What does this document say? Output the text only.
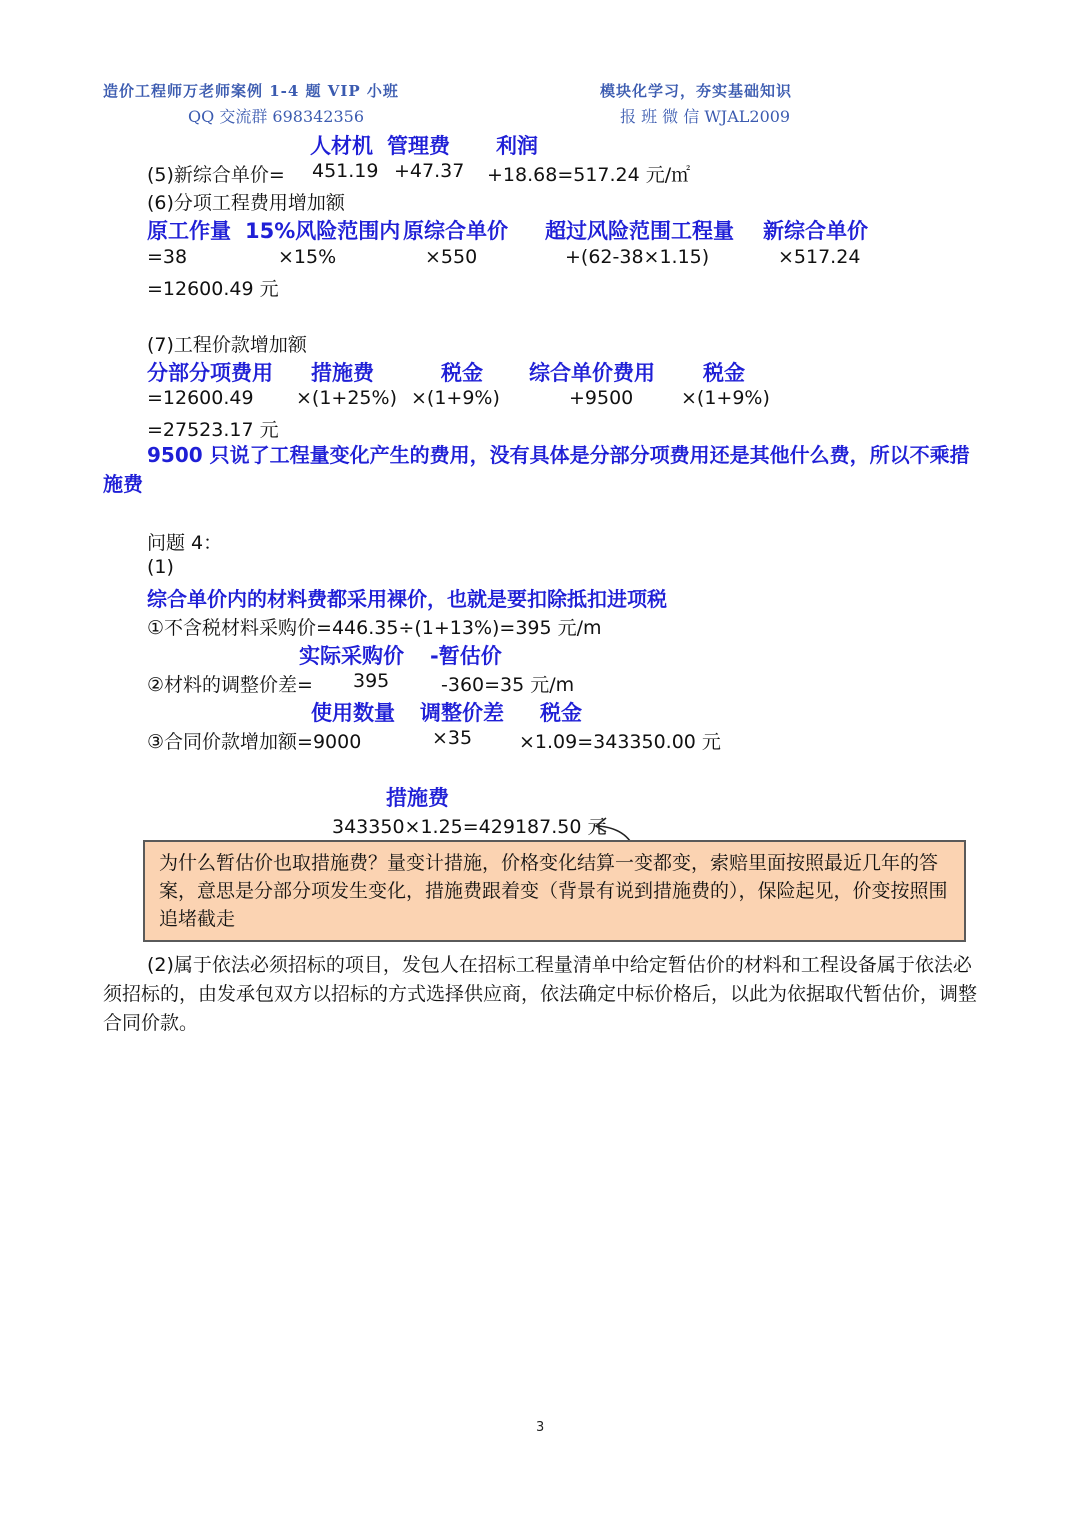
造价工程师万老师案例 1-4 题 VIP 小班
QQ 交流群 698342356
模块化学习，夯实基础知识
报 班 微 信 WJAL2009
人材机 管理费 利润
(5)新综合单价= 451.19 +47.37 +18.68=517.24 元/㎡
(6)分项工程费用增加额
原工作量 15%风险范围内 原综合单价 超过风险范围工程量 新综合单价
=38	×15%	×550	+(62-38×1.15)	×517.24
=12600.49 元
(7)工程价款增加额
分部分项费用 措施费	税金 综合单价费用 税金
=12600.49 ×(1+25%) ×(1+9%)	+9500	×(1+9%)
=27523.17 元
9500 只说了工程量变化产生的费用，没有具体是分部分项费用还是其他什么费，所以不乘措施费
问题 4：
(1)
综合单价内的材料费都采用裸价，也就是要扣除抵扣进项税
①不含税材料采购价=446.35÷(1+13%)=395 元/m
实际采购价 -暂估价
②材料的调整价差= 395	-360=35 元/m
使用数量 调整价差 税金
③合同价款增加额=9000	×35 ×1.09=343350.00 元
措施费
343350×1.25=429187.50 元
为什么暂估价也取措施费？量变计措施，价格变化结算一变都变，索赔里面按照最近几年的答案，意思是分部分项发生变化，措施费跟着变（背景有说到措施费的），保险起见，价变按照围追堵截走
(2)属于依法必须招标的项目，发包人在招标工程量清单中给定暂估价的材料和工程设备属于依法必须招标的，由发承包双方以招标的方式选择供应商，依法确定中标价格后，以此为依据取代暂估价，调整合同价款。
3
